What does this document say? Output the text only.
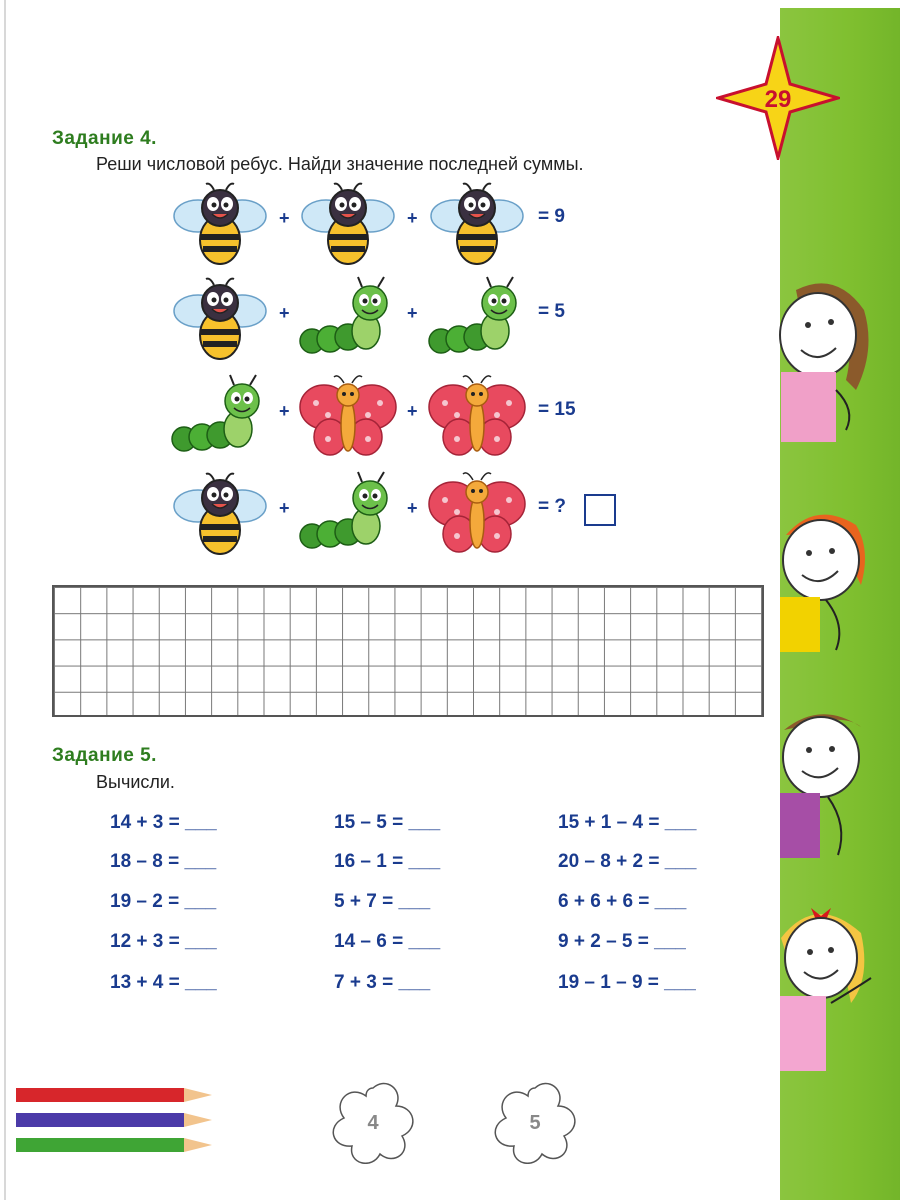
29
Задание 4.
Реши числовой ребус. Найди значение последней суммы.
+	+	= 9
+	+	= 5
+	+	= 15
+	+	= ?
Задание 5.
Вычисли.
14 + 3 = ___
18 – 8 = ___
19 – 2 = ___
12 + 3 = ___
13 + 4 = ___
15 – 5 = ___
16 – 1 = ___
5 + 7 = ___
14 – 6 = ___
7 + 3 = ___
15 + 1 – 4 = ___
20 – 8 + 2 = ___
6 + 6 + 6 = ___
9 + 2 – 5 = ___
19 – 1 – 9 = ___
4	5
